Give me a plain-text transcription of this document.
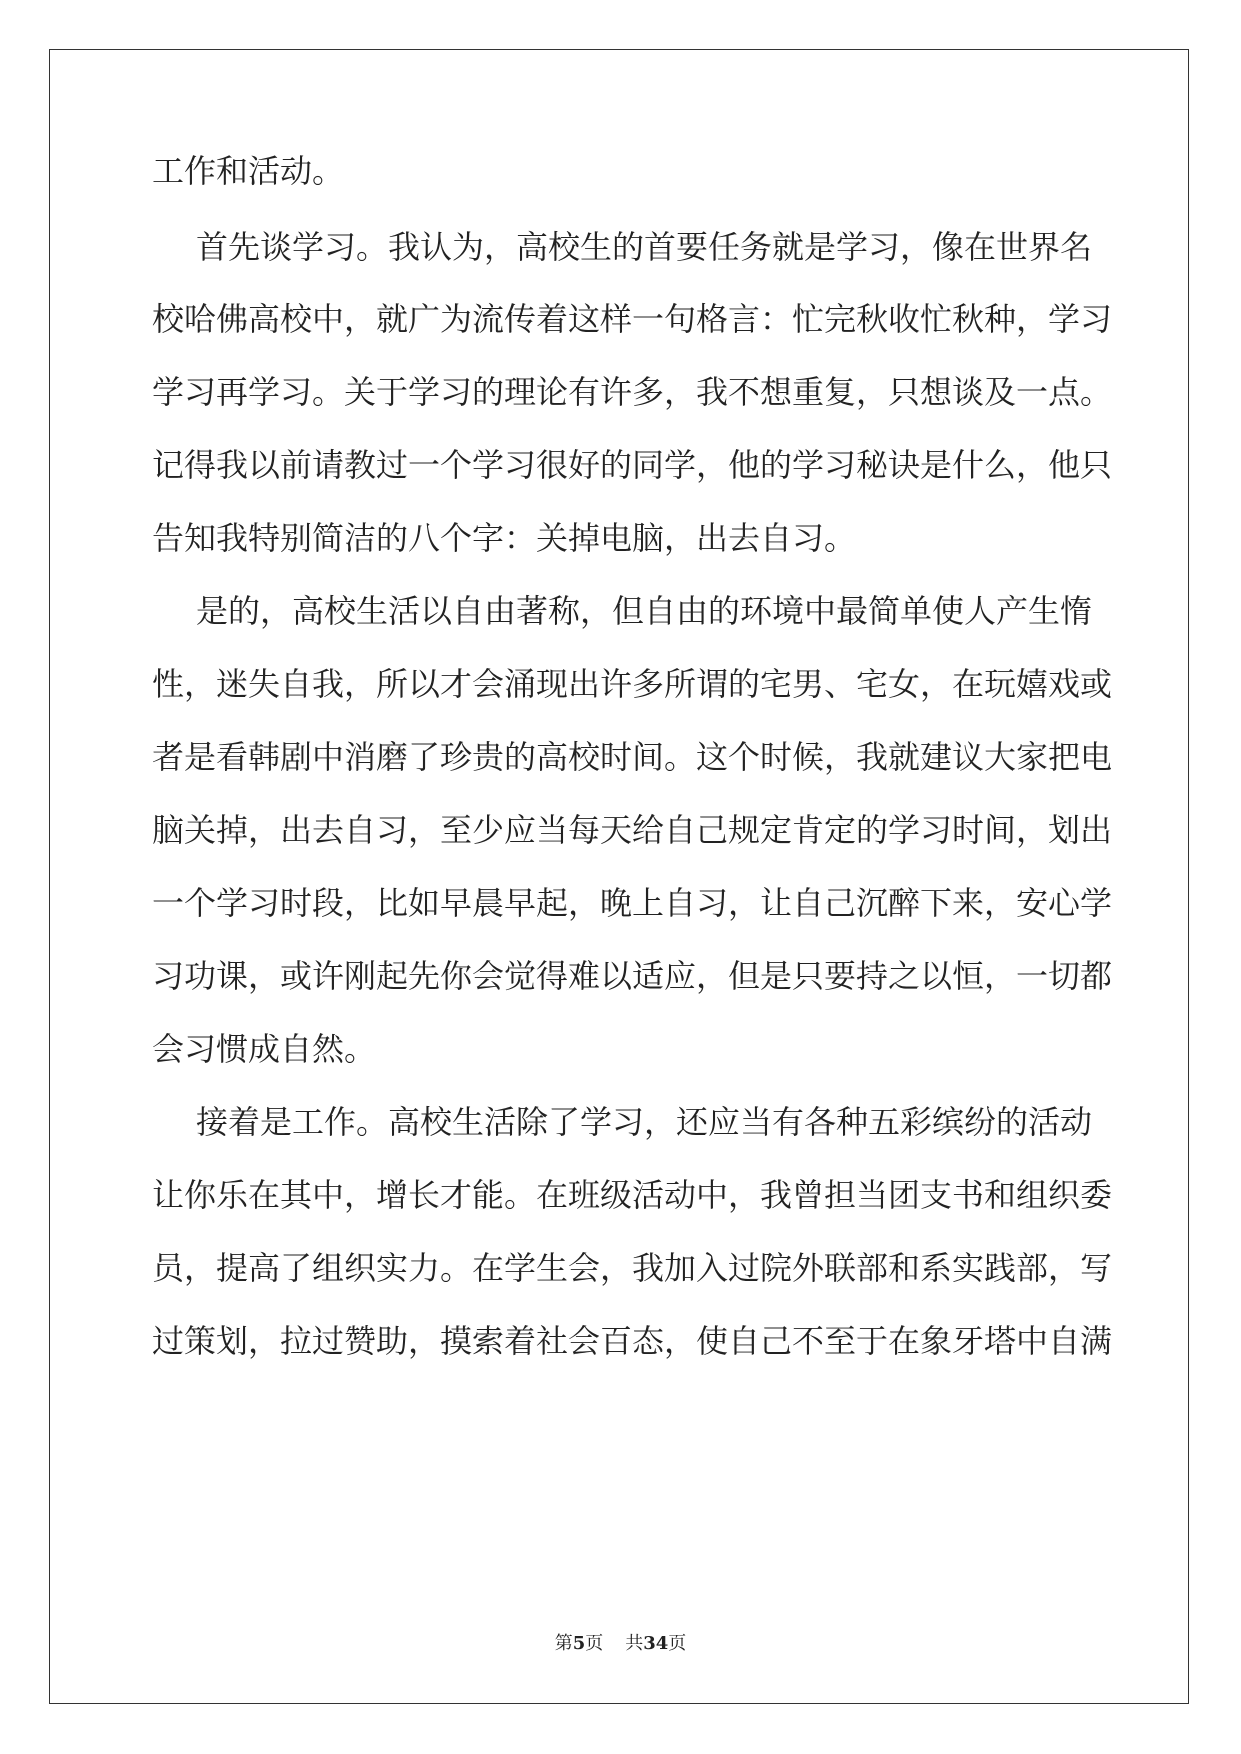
工作和活动。
首先谈学习。我认为，高校生的首要任务就是学习，像在世界名
校哈佛高校中，就广为流传着这样一句格言：忙完秋收忙秋种，学习
学习再学习。关于学习的理论有许多，我不想重复，只想谈及一点。
记得我以前请教过一个学习很好的同学，他的学习秘诀是什么，他只
告知我特别简洁的八个字：关掉电脑，出去自习。
是的，高校生活以自由著称，但自由的环境中最简单使人产生惰
性，迷失自我，所以才会涌现出许多所谓的宅男、宅女，在玩嬉戏或
者是看韩剧中消磨了珍贵的高校时间。这个时候，我就建议大家把电
脑关掉，出去自习，至少应当每天给自己规定肯定的学习时间，划出
一个学习时段，比如早晨早起，晚上自习，让自己沉醉下来，安心学
习功课，或许刚起先你会觉得难以适应，但是只要持之以恒，一切都
会习惯成自然。
接着是工作。高校生活除了学习，还应当有各种五彩缤纷的活动
让你乐在其中，增长才能。在班级活动中，我曾担当团支书和组织委
员，提高了组织实力。在学生会，我加入过院外联部和系实践部，写
过策划，拉过赞助，摸索着社会百态，使自己不至于在象牙塔中自满
第5页 共34页
